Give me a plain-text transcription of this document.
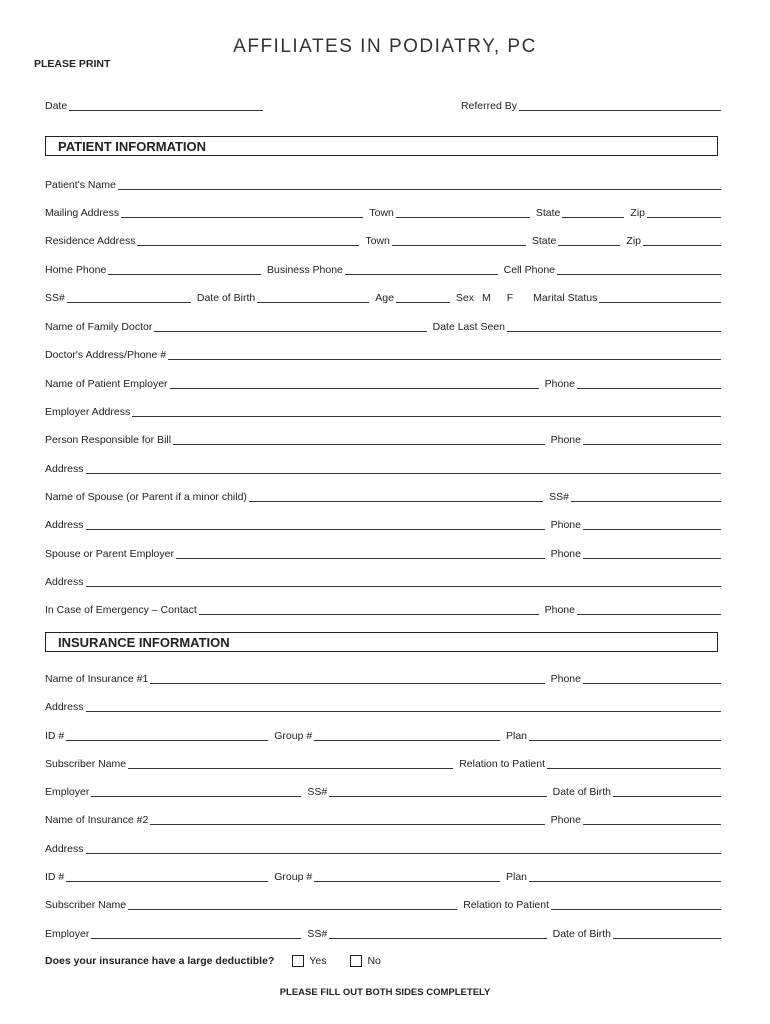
AFFILIATES IN PODIATRY, PC
PLEASE PRINT
Date	Referred By
PATIENT INFORMATION
Patient's Name
Mailing Address	Town	State	Zip
Residence Address	Town	State	Zip
Home Phone	Business Phone	Cell Phone
SS#	Date of Birth	Age	Sex M	F	Marital Status
Name of Family Doctor	Date Last Seen
Doctor's Address/Phone #
Name of Patient Employer	Phone
Employer Address
Person Responsible for Bill	Phone
Address
Name of Spouse (or Parent if a minor child)	SS#
Address	Phone
Spouse or Parent Employer	Phone
Address
In Case of Emergency – Contact	Phone
INSURANCE INFORMATION
Name of Insurance #1	Phone
Address
ID #	Group #	Plan
Subscriber Name	Relation to Patient
Employer	SS#	Date of Birth
Name of Insurance #2	Phone
Address
ID #	Group #	Plan
Subscriber Name	Relation to Patient
Employer	SS#	Date of Birth
Does your insurance have a large deductible?	Yes	No
PLEASE FILL OUT BOTH SIDES COMPLETELY
